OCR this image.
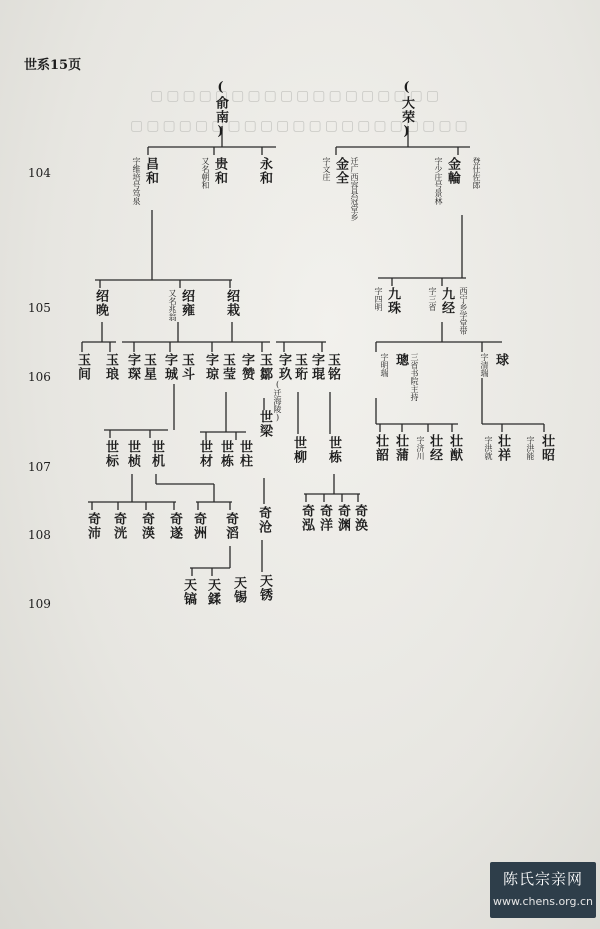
▢▢▢▢▢▢▢▢▢▢▢▢▢▢▢▢▢▢
▢▢▢▢▢▢▢▢▢▢▢▢▢▢▢▢▢▢▢▢▢
世系15页
104
105
106
107
108
109
(俞南)	(大荣)
昌和
字维培号笃泉	贵和
又名朝和	永和	金全
字文庄 迁广西容县冠堂乡	金輪
字少庄号景林	登仕佐郎
绍晚	绍雍
又名兆翁	绍栽	九珠
字四明	九经
字三省	西宁乡学堂带
玉间 玉琅 玉星
字琛	玉斗
字珹	玉莹
字琼	玉鄒
字赞
(迁海陵)
玉珩
字玖	玉铭
字琨	璁
字明瑞	三省书院主持	球
字清瑞
世标 世桢 世机	世材 世栋 世柱
世梁
世柳 世栋 壮韶 壮蒲 壮经
字济川 壮猷	壮祥
字洪就	壮昭
字洪能
奇沛 奇洸 奇渶 奇遂 奇洲 奇滔 奇沧 奇泓 奇洋 奇渊 奇涣
天镐 天鍒 天锡 天锈
陈氏宗亲网
www.chens.org.cn
